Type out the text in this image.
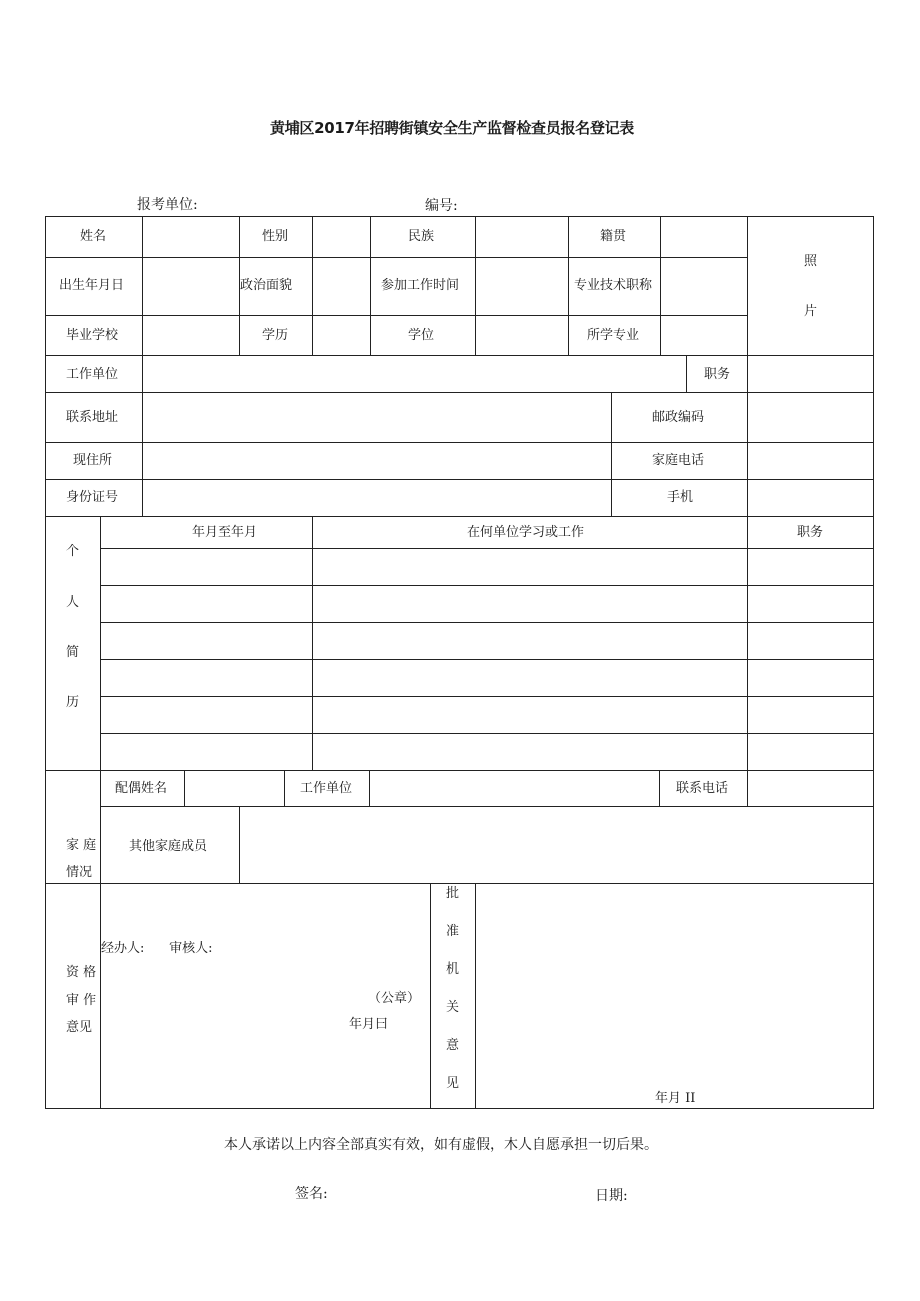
黄埔区2017年招聘街镇安全生产监督检查员报名登记表
报考单位:	编号:
姓名	性别	民族	籍贯
照
片
出生年月日	政治面貌	参加工作时间	专业技术职称
毕业学校	学历	学位	所学专业
工作单位	职务
联系地址	邮政编码
现住所	家庭电话
身份证号	手机
个
人
简
历
年月至年月	在何单位学习或工作	职务
家 庭
情况
配偶姓名	工作单位	联系电话
其他家庭成员
资 格
审 作
意见
经办人:      审核人:
（公章）
年月曰
批
准
机
关
意
见
年月 II
本人承诺以上内容全部真实有效，如有虚假，木人自愿承担一切后果。
签名:	日期:
